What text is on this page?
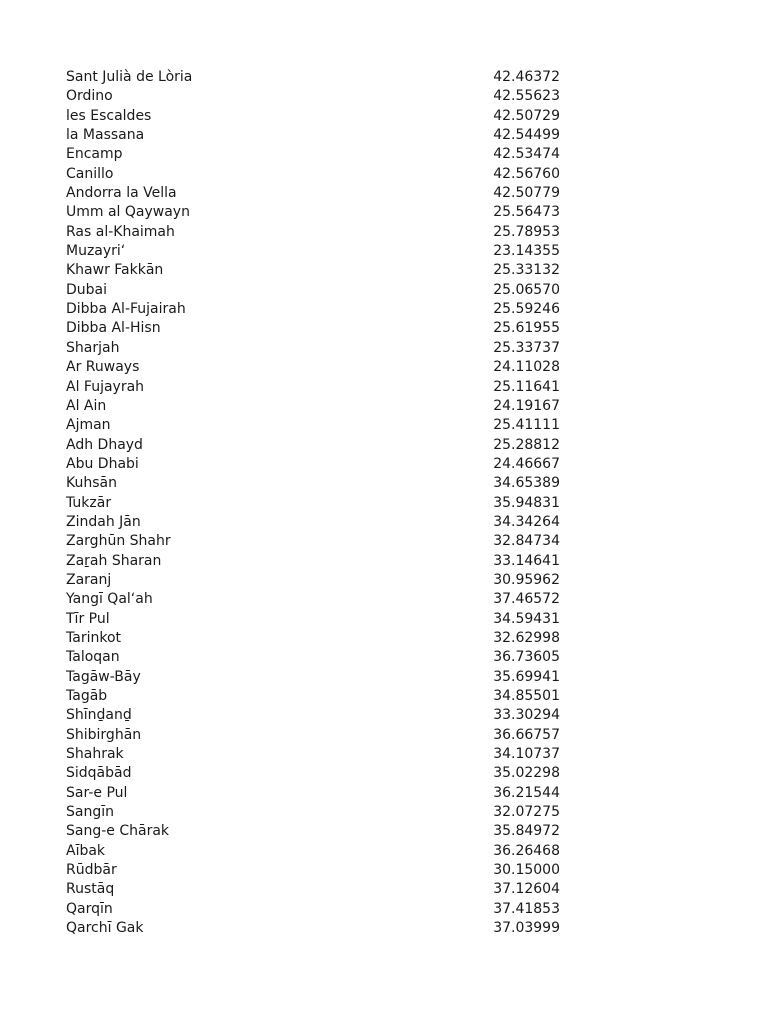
Sant Julià de Lòria	42.46372
Ordino	42.55623
les Escaldes	42.50729
la Massana	42.54499
Encamp	42.53474
Canillo	42.56760
Andorra la Vella	42.50779
Umm al Qaywayn	25.56473
Ras al-Khaimah	25.78953
Muzayri‘	23.14355
Khawr Fakkān	25.33132
Dubai	25.06570
Dibba Al-Fujairah	25.59246
Dibba Al-Hisn	25.61955
Sharjah	25.33737
Ar Ruways	24.11028
Al Fujayrah	25.11641
Al Ain	24.19167
Ajman	25.41111
Adh Dhayd	25.28812
Abu Dhabi	24.46667
Kuhsān	34.65389
Tukzār	35.94831
Zindah Jān	34.34264
Zarghūn Shahr	32.84734
Zaṟah Sharan	33.14641
Zaranj	30.95962
Yangī Qal‘ah	37.46572
Tīr Pul	34.59431
Tarinkot	32.62998
Taloqan	36.73605
Tagāw-Bāy	35.69941
Tagāb	34.85501
Shīnḏanḏ	33.30294
Shibirghān	36.66757
Shahrak	34.10737
Sidqābād	35.02298
Sar-e Pul	36.21544
Sangīn	32.07275
Sang-e Chārak	35.84972
Aībak	36.26468
Rūdbār	30.15000
Rustāq	37.12604
Qarqīn	37.41853
Qarchī Gak	37.03999
